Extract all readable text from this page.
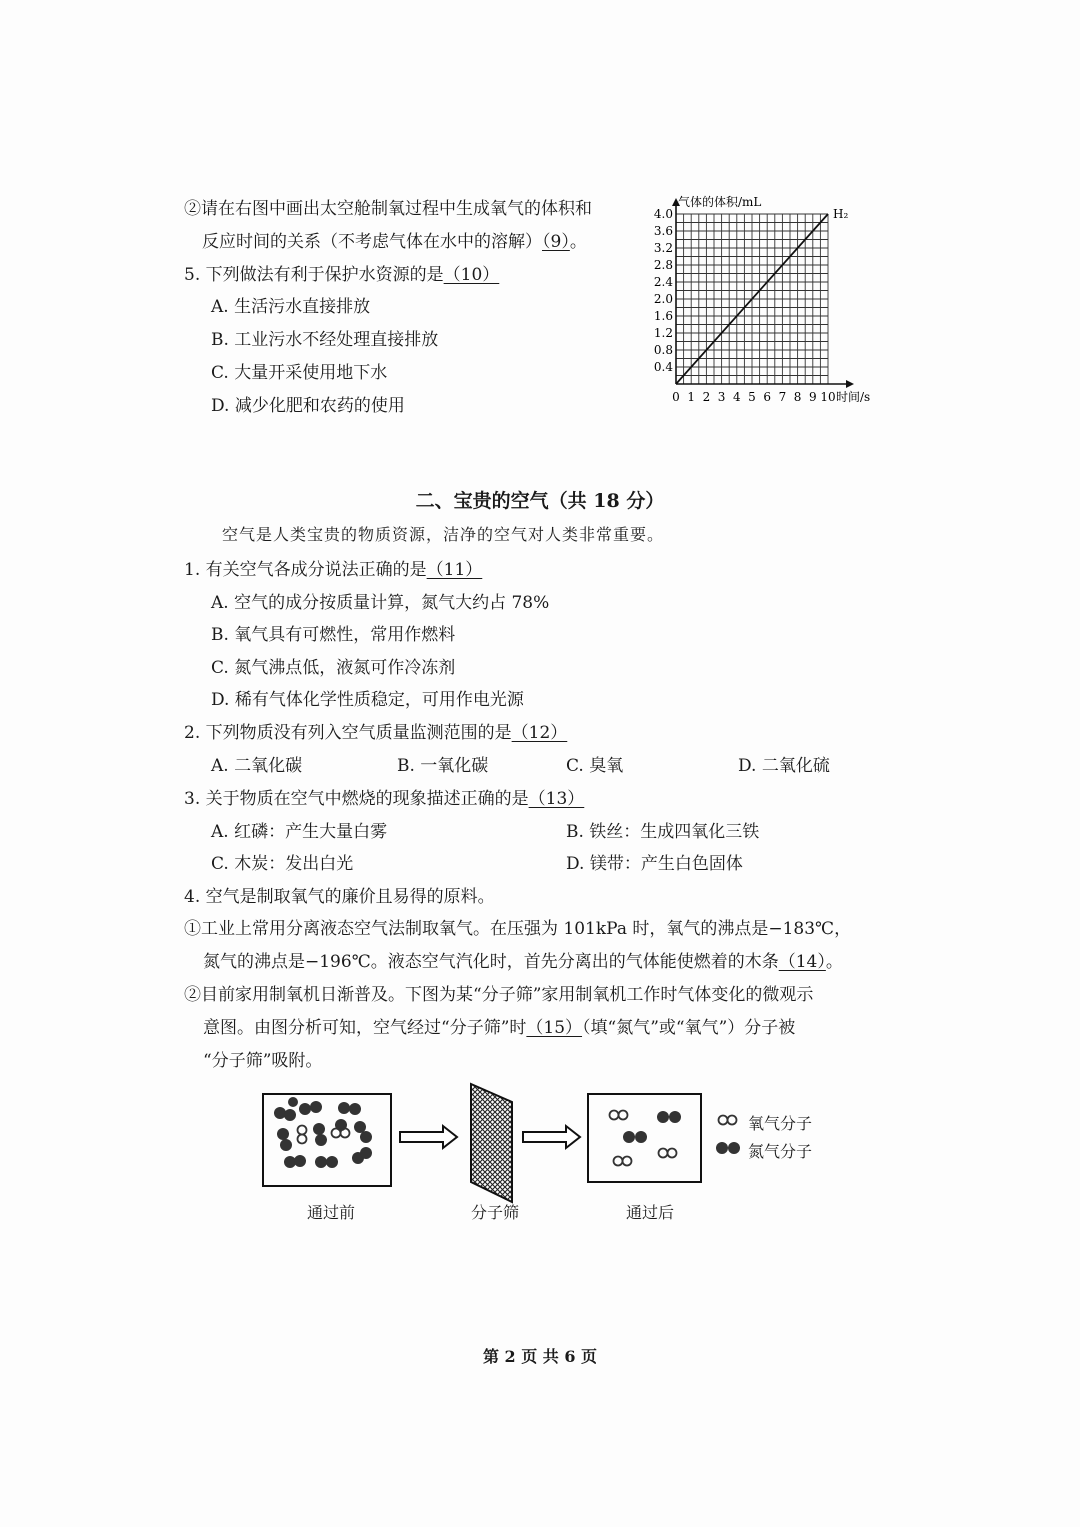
②请在右图中画出太空舱制氧过程中生成氧气的体积和
反应时间的关系（不考虑气体在水中的溶解）（9）。
5. 下列做法有利于保护水资源的是（10）
A. 生活污水直接排放
B. 工业污水不经处理直接排放
C. 大量开采使用地下水
D. 减少化肥和农药的使用
H₂
0.4
0.8
1.2
1.6
2.0
2.4
2.8
3.2
3.6
4.0
0 1 2 3 4 5 6 7 8 9 10
气体的体积/mL
时间/s
二、宝贵的空气（共 18 分）
空气是人类宝贵的物质资源，洁净的空气对人类非常重要。
1. 有关空气各成分说法正确的是（11）
A. 空气的成分按质量计算，氮气大约占 78%
B. 氧气具有可燃性，常用作燃料
C. 氮气沸点低，液氮可作冷冻剂
D. 稀有气体化学性质稳定，可用作电光源
2. 下列物质没有列入空气质量监测范围的是（12）
A. 二氧化碳	B. 一氧化碳	C. 臭氧	D. 二氧化硫
3. 关于物质在空气中燃烧的现象描述正确的是（13）
A. 红磷：产生大量白雾	B. 铁丝：生成四氧化三铁
C. 木炭：发出白光	D. 镁带：产生白色固体
4. 空气是制取氧气的廉价且易得的原料。
①工业上常用分离液态空气法制取氧气。在压强为 101kPa 时，氧气的沸点是−183℃，
氮气的沸点是−196℃。液态空气汽化时，首先分离出的气体能使燃着的木条（14）。
②目前家用制氧机日渐普及。下图为某“分子筛”家用制氧机工作时气体变化的微观示
意图。由图分析可知，空气经过“分子筛”时（15）（填“氮气”或“氧气”）分子被
“分子筛”吸附。
氧气分子
氮气分子
通过前	分子筛	通过后
第 2 页 共 6 页
